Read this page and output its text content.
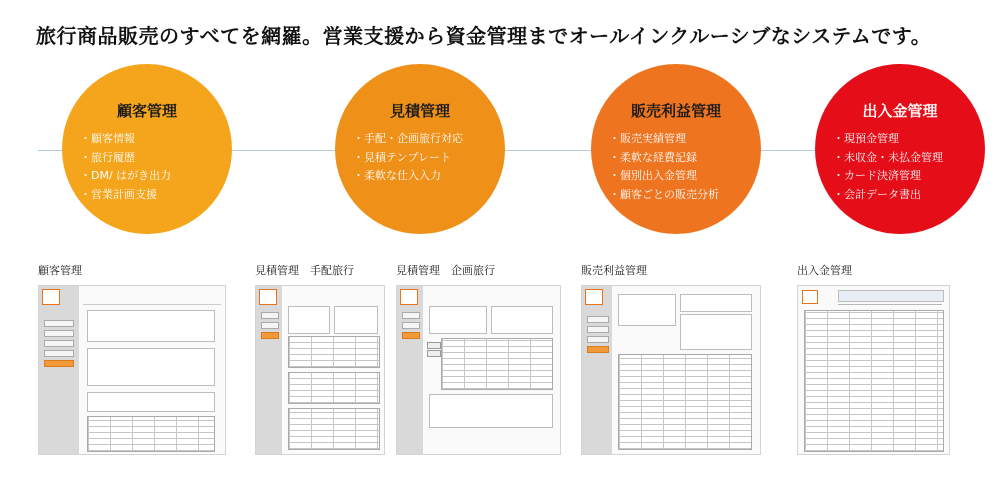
旅行商品販売のすべてを網羅。営業支援から資金管理までオールインクルーシブなシステムです。
顧客管理
・ 顧客情報
・ 旅行履歴
・ DM/ はがき出力
・ 営業計画支援
見積管理
・ 手配・企画旅行対応
・ 見積テンプレート
・ 柔軟な仕入入力
販売利益管理
・ 販売実績管理
・ 柔軟な経費記録
・ 個別出入金管理
・ 顧客ごとの販売分析
出入金管理
・ 現預金管理
・ 未収金・未払金管理
・ カード決済管理
・ 会計データ書出
顧客管理	見積管理　手配旅行	見積管理　企画旅行	販売利益管理	出入金管理
